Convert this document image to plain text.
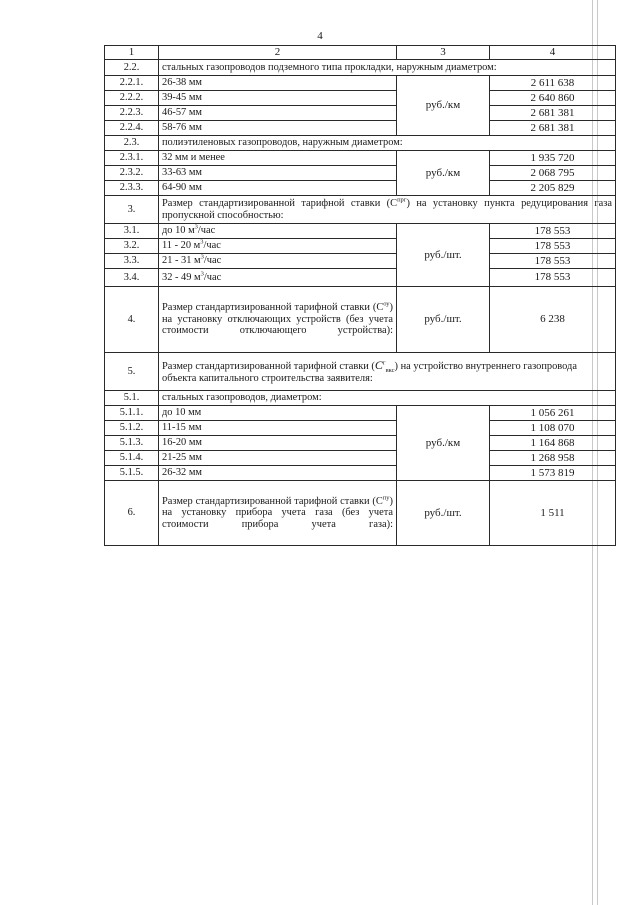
4
1	2	3	4
2.2.	стальных газопроводов подземного типа прокладки, наружным диаметром:		
2.2.1.	26-38 мм	руб./км	2 611 638
2.2.2.	39-45 мм		2 640 860
2.2.3.	46-57 мм		2 681 381
2.2.4.	58-76 мм		2 681 381
2.3.	полиэтиленовых газопроводов, наружным диаметром:		
2.3.1.	32 мм и менее	руб./км	1 935 720
2.3.2.	33-63 мм		2 068 795
2.3.3.	64-90 мм		2 205 829
3.	Размер стандартизированной тарифной ставки $(С^{прг})$ на установку пункта редуцирования газа пропускной способностью:		
3.1.	до 10 $м^3$/час	руб./шт.	178 553
3.2.	11 - 20 $м^3$/час		178 553
3.3.	21 - 31 $м^3$/час		178 553
3.4.	32 - 49 $м^3$/час		178 553
4.	Размер стандартизированной тарифной ставки $(С^{оу})$ на установку отключающих устройств (без учета стоимости отключающего устройства):	руб./шт.	6 238
5.	Размер стандартизированной тарифной ставки $(С^г_{вкс})$ на устройство внутреннего газопровода объекта капитального строительства заявителя:		
5.1.	стальных газопроводов, диаметром:		
5.1.1.	до 10 мм	руб./км	1 056 261
5.1.2.	11-15 мм		1 108 070
5.1.3.	16-20 мм		1 164 868
5.1.4.	21-25 мм		1 268 958
5.1.5.	26-32 мм		1 573 819
6.	Размер стандартизированной тарифной ставки $(С^{пу})$ на установку прибора учета газа (без учета стоимости прибора учета газа):	руб./шт.	1 511
